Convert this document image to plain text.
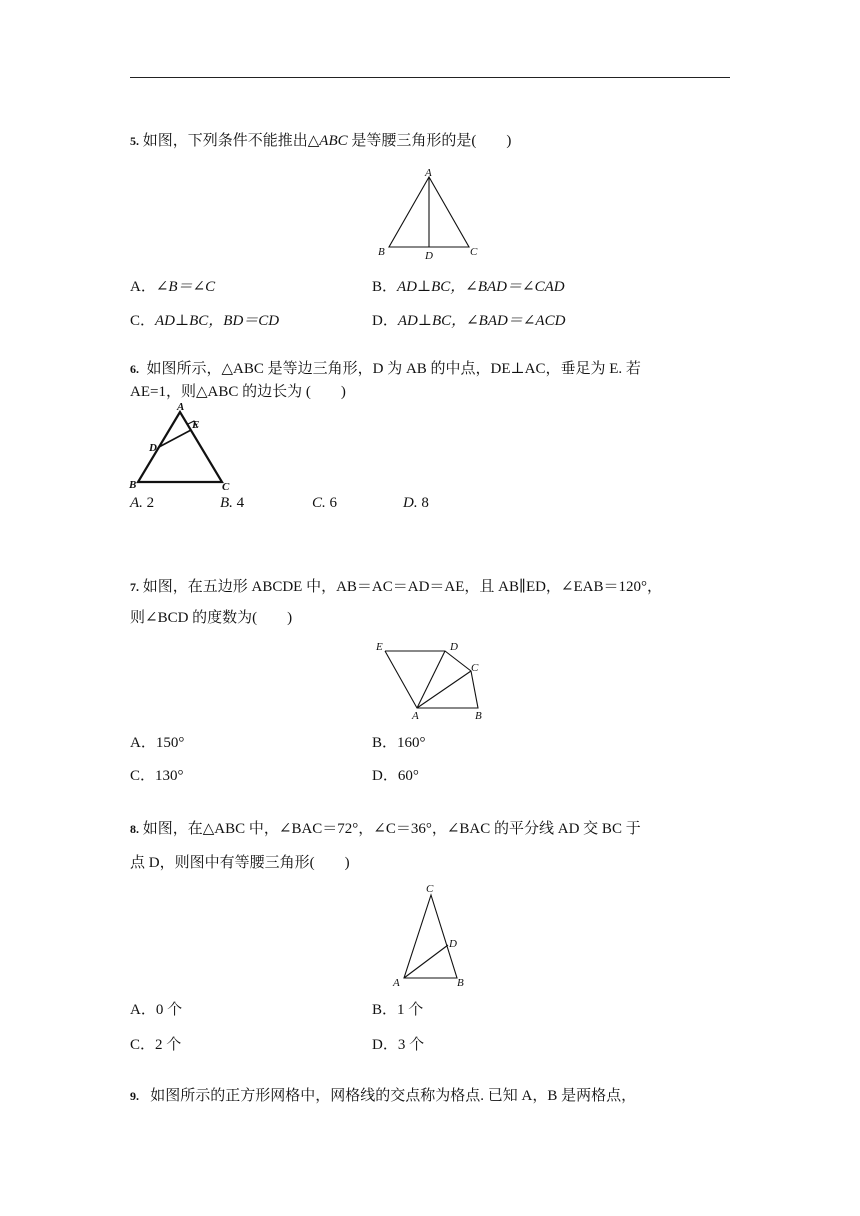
5. 如图，下列条件不能推出△ABC 是等腰三角形的是(　　)
A
B	D	C
A．∠B＝∠C	B．AD⊥BC，∠BAD＝∠CAD
C．AD⊥BC，BD＝CD	D．AD⊥BC，∠BAD＝∠ACD
6. 如图所示，△ABC 是等边三角形，D 为 AB 的中点，DE⊥AC，垂足为 E. 若
AE=1，则△ABC 的边长为 (　　)
A
E
D
B	C
A. 2	B. 4	C. 6	D. 8
7. 如图，在五边形 ABCDE 中，AB＝AC＝AD＝AE，且 AB∥ED，∠EAB＝120°，
则∠BCD 的度数为(　　)
E	D
C
A	B
A．150°	B．160°
C．130°	D．60°
8. 如图，在△ABC 中，∠BAC＝72°，∠C＝36°，∠BAC 的平分线 AD 交 BC 于
点 D，则图中有等腰三角形(　　)
C
D
A	B
A．0 个	B．1 个
C．2 个	D．3 个
9. 如图所示的正方形网格中，网格线的交点称为格点. 已知 A，B 是两格点，
